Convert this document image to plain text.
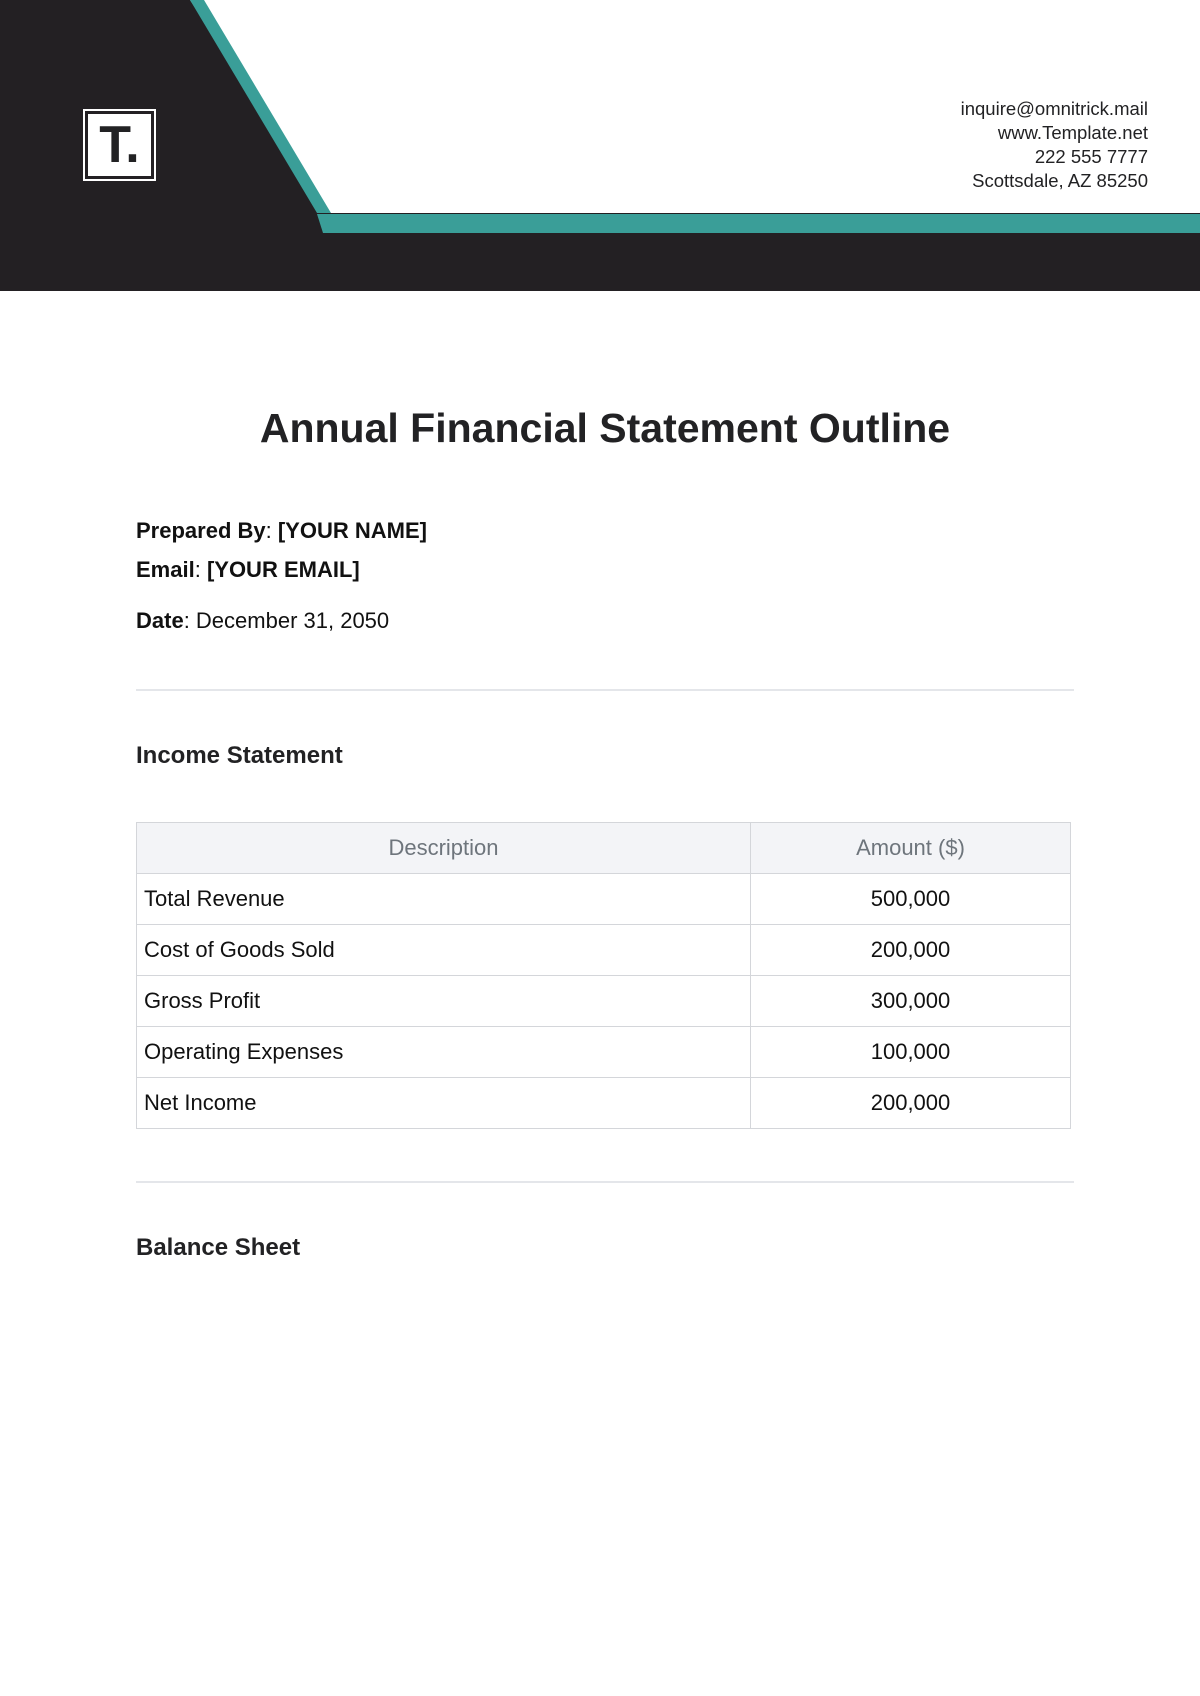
T.
inquire@omnitrick.mail
www.Template.net
222 555 7777
Scottsdale, AZ 85250
Annual Financial Statement Outline
Prepared By: [YOUR NAME]
Email: [YOUR EMAIL]
Date: December 31, 2050
Income Statement
Description	Amount ($)
Total Revenue	500,000
Cost of Goods Sold	200,000
Gross Profit	300,000
Operating Expenses	100,000
Net Income	200,000
Balance Sheet
